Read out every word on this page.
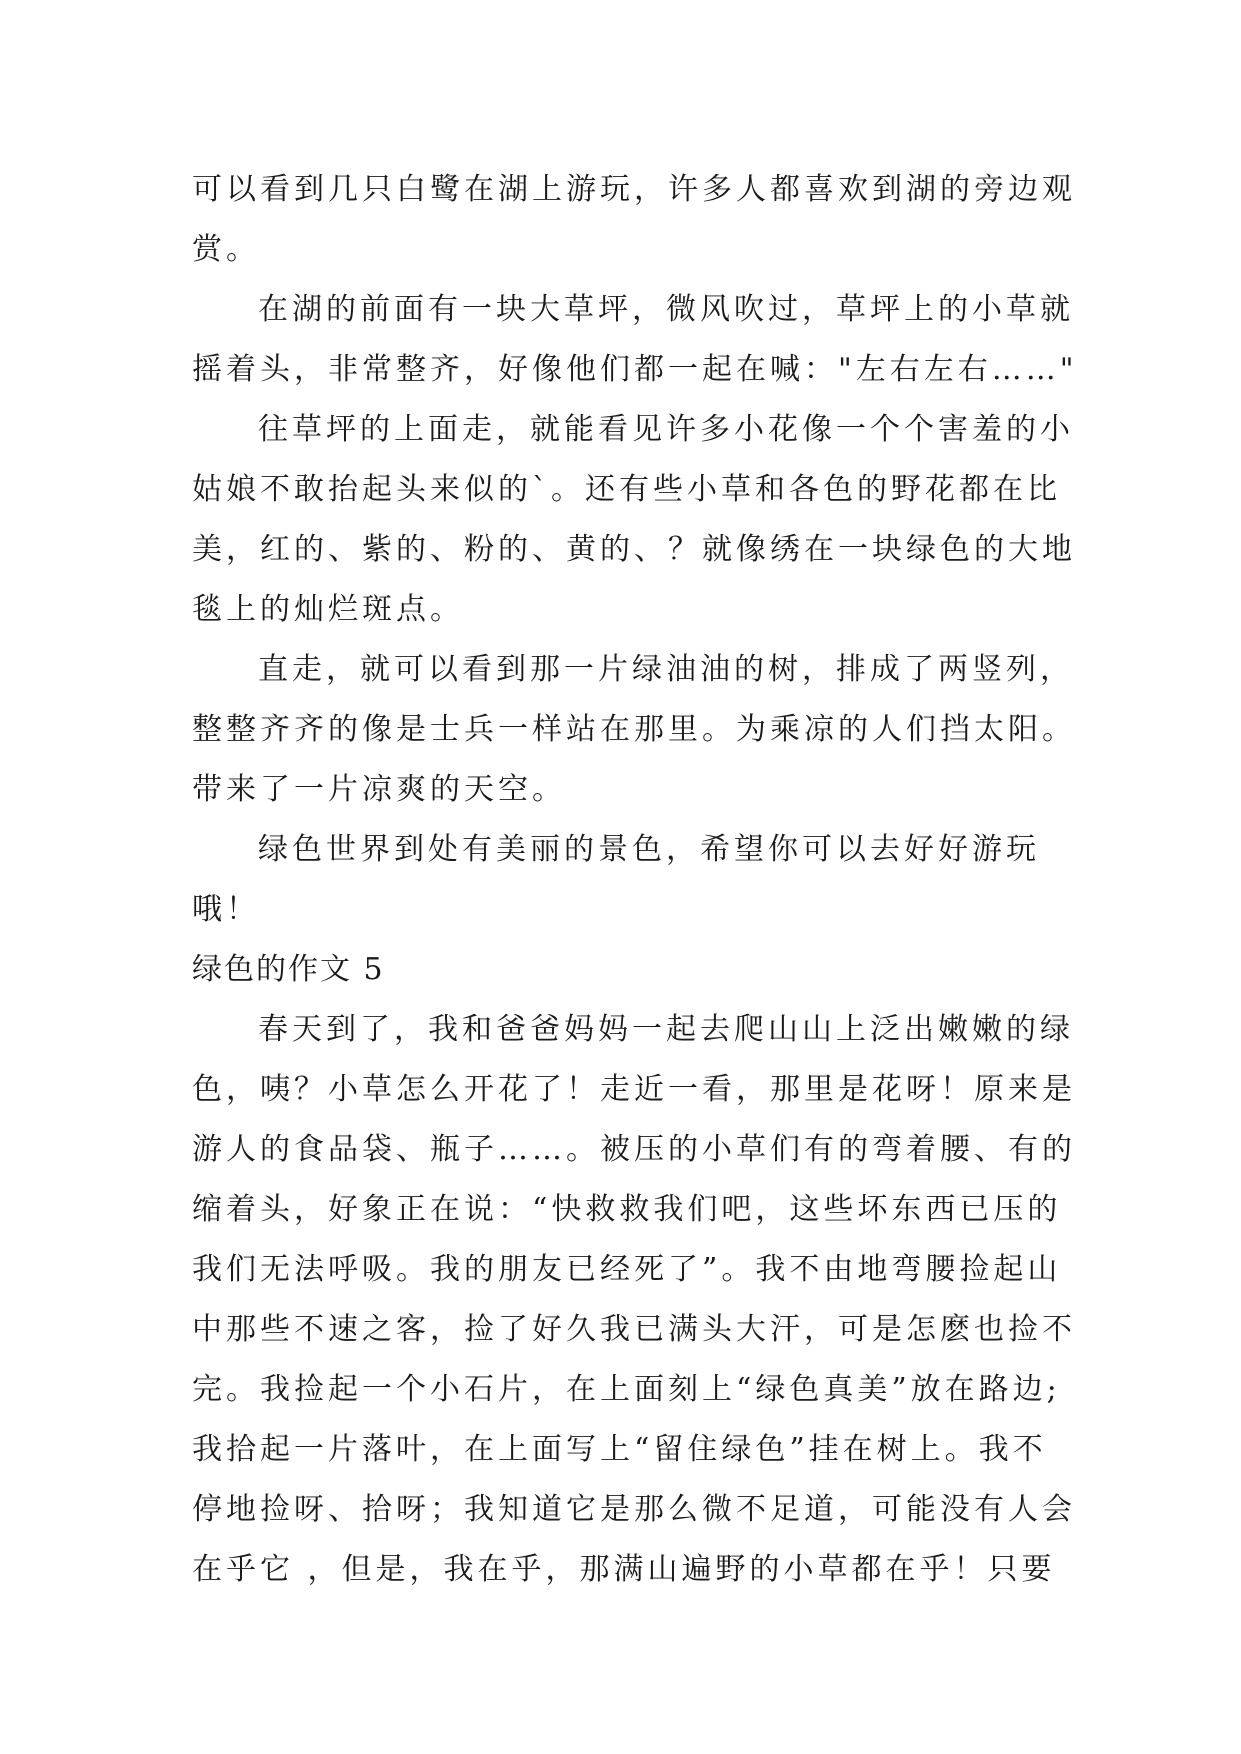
可以看到几只白鹭在湖上游玩，许多人都喜欢到湖的旁边观
赏。
在湖的前面有一块大草坪，微风吹过，草坪上的小草就
摇着头，非常整齐，好像他们都一起在喊："左右左右……"
往草坪的上面走，就能看见许多小花像一个个害羞的小
姑娘不敢抬起头来似的`。还有些小草和各色的野花都在比
美，红的、紫的、粉的、黄的、？就像绣在一块绿色的大地
毯上的灿烂斑点。
直走，就可以看到那一片绿油油的树，排成了两竖列，
整整齐齐的像是士兵一样站在那里。为乘凉的人们挡太阳。
带来了一片凉爽的天空。
绿色世界到处有美丽的景色，希望你可以去好好游玩
哦！
绿色的作文 5
春天到了，我和爸爸妈妈一起去爬山山上泛出嫩嫩的绿
色，咦？小草怎么开花了！走近一看，那里是花呀！原来是
游人的食品袋、瓶子……。被压的小草们有的弯着腰、有的
缩着头，好象正在说：“快救救我们吧，这些坏东西已压的
我们无法呼吸。我的朋友已经死了”。我不由地弯腰捡起山
中那些不速之客，捡了好久我已满头大汗，可是怎麽也捡不
完。我捡起一个小石片，在上面刻上“绿色真美”放在路边;
我拾起一片落叶，在上面写上“留住绿色”挂在树上。我不
停地捡呀、拾呀；我知道它是那么微不足道，可能没有人会
在乎它 ，但是，我在乎，那满山遍野的小草都在乎！只要
